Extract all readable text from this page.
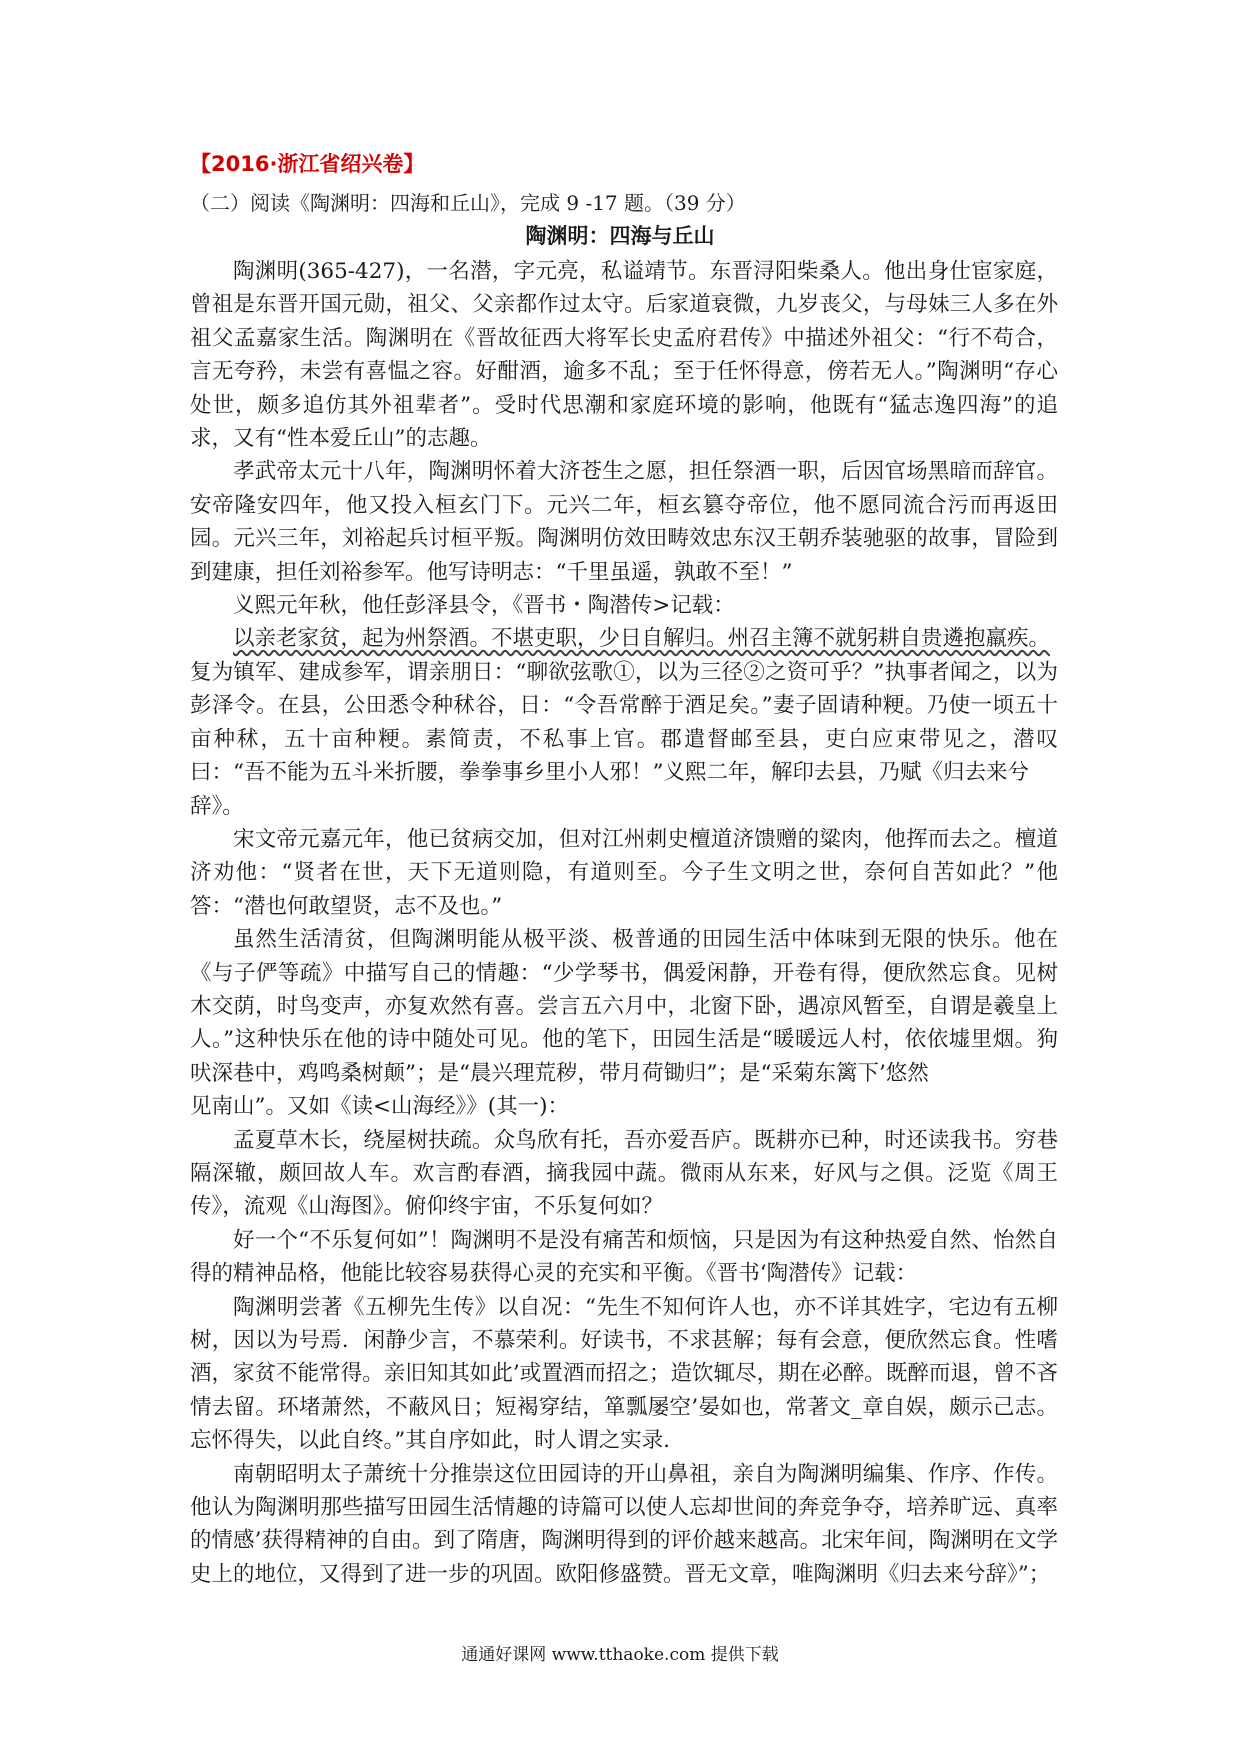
【2016·浙江省绍兴卷】
（二）阅读《陶渊明：四海和丘山》，完成 9 -17 题。（39 分）
陶渊明：四海与丘山

陶渊明(365-427)，一名潜，字元亮，私谥靖节。东晋浔阳柴桑人。他出身仕宦家庭，曾祖是东晋开国元勋，祖父、父亲都作过太守。后家道衰微，九岁丧父，与母妹三人多在外祖父孟嘉家生活。陶渊明在《晋故征西大将军长史孟府君传》中描述外祖父：“行不苟合，言无夸矜，未尝有喜愠之容。好酣酒，逾多不乱；至于任怀得意，傍若无人。”陶渊明“存心处世，颇多追仿其外祖辈者”。受时代思潮和家庭环境的影响，他既有“猛志逸四海”的追求，又有“性本爱丘山”的志趣。

孝武帝太元十八年，陶渊明怀着大济苍生之愿，担任祭酒一职，后因官场黑暗而辞官。安帝隆安四年，他又投入桓玄门下。元兴二年，桓玄篡夺帝位，他不愿同流合污而再返田园。元兴三年，刘裕起兵讨桓平叛。陶渊明仿效田畴效忠东汉王朝乔装驰驱的故事，冒险到到建康，担任刘裕参军。他写诗明志：“千里虽遥，孰敢不至！”

义熙元年秋，他任彭泽县令，《晋书・陶潜传>记载：

以亲老家贫，起为州祭酒。不堪吏职，少日自解归。州召主簿不就躬耕自贵遴抱羸疾。

复为镇军、建成参军，谓亲朋日：“聊欲弦歌①，以为三径②之资可乎？”执事者闻之，以为彭泽令。在县，公田悉令种秫谷，日：“令吾常醉于酒足矣。”妻子固请种粳。乃使一顷五十亩种秫，五十亩种粳。素简责，不私事上官。郡遣督邮至县，吏白应束带见之，潜叹曰：“吾不能为五斗米折腰，拳拳事乡里小人邪！”义熙二年，解印去县，乃赋《归去来兮

辞》。

宋文帝元嘉元年，他已贫病交加，但对江州刺史檀道济馈赠的粱肉，他挥而去之。檀道济劝他：“贤者在世，天下无道则隐，有道则至。今子生文明之世，奈何自苦如此？”他答：“潜也何敢望贤，志不及也。”

虽然生活清贫，但陶渊明能从极平淡、极普通的田园生活中体味到无限的快乐。他在《与子俨等疏》中描写自己的情趣：“少学琴书，偶爱闲静，开卷有得，便欣然忘食。见树木交荫，时鸟变声，亦复欢然有喜。尝言五六月中，北窗下卧，遇凉风暂至，自谓是羲皇上人。”这种快乐在他的诗中随处可见。他的笔下，田园生活是“暖暖远人村，依依墟里烟。狗吠深巷中，鸡鸣桑树颠”；是“晨兴理荒秽，带月荷锄归”；是“采菊东篱下’悠然

见南山”。又如《读<山海经》》(其一)：

孟夏草木长，绕屋树扶疏。众鸟欣有托，吾亦爱吾庐。既耕亦已种，时还读我书。穷巷隔深辙，颇回故人车。欢言酌春酒，摘我园中蔬。微雨从东来，好风与之俱。泛览《周王传》，流观《山海图》。俯仰终宇宙，不乐复何如？

好一个“不乐复何如”！陶渊明不是没有痛苦和烦恼，只是因为有这种热爱自然、怡然自得的精神品格，他能比较容易获得心灵的充实和平衡。《晋书‘陶潜传》记载：

陶渊明尝著《五柳先生传》以自况：“先生不知何许人也，亦不详其姓字，宅边有五柳树，因以为号焉．闲静少言，不慕荣利。好读书，不求甚解；每有会意，便欣然忘食。性嗜酒，家贫不能常得。亲旧知其如此’或置酒而招之；造饮辄尽，期在必醉。既醉而退，曾不吝情去留。环堵萧然，不蔽风日；短褐穿结，箪瓢屡空’晏如也，常著文_章自娱，颇示己志。忘怀得失，以此自终。”其自序如此，时人谓之实录．

南朝昭明太子萧统十分推崇这位田园诗的开山鼻祖，亲自为陶渊明编集、作序、作传。他认为陶渊明那些描写田园生活情趣的诗篇可以使人忘却世间的奔竞争夺，培养旷远、真率的情感’获得精神的自由。到了隋唐，陶渊明得到的评价越来越高。北宋年间，陶渊明在文学史上的地位，又得到了进一步的巩固。欧阳修盛赞。晋无文章，唯陶渊明《归去来兮辞》”；

通通好课网 www.tthaoke.com 提供下载
